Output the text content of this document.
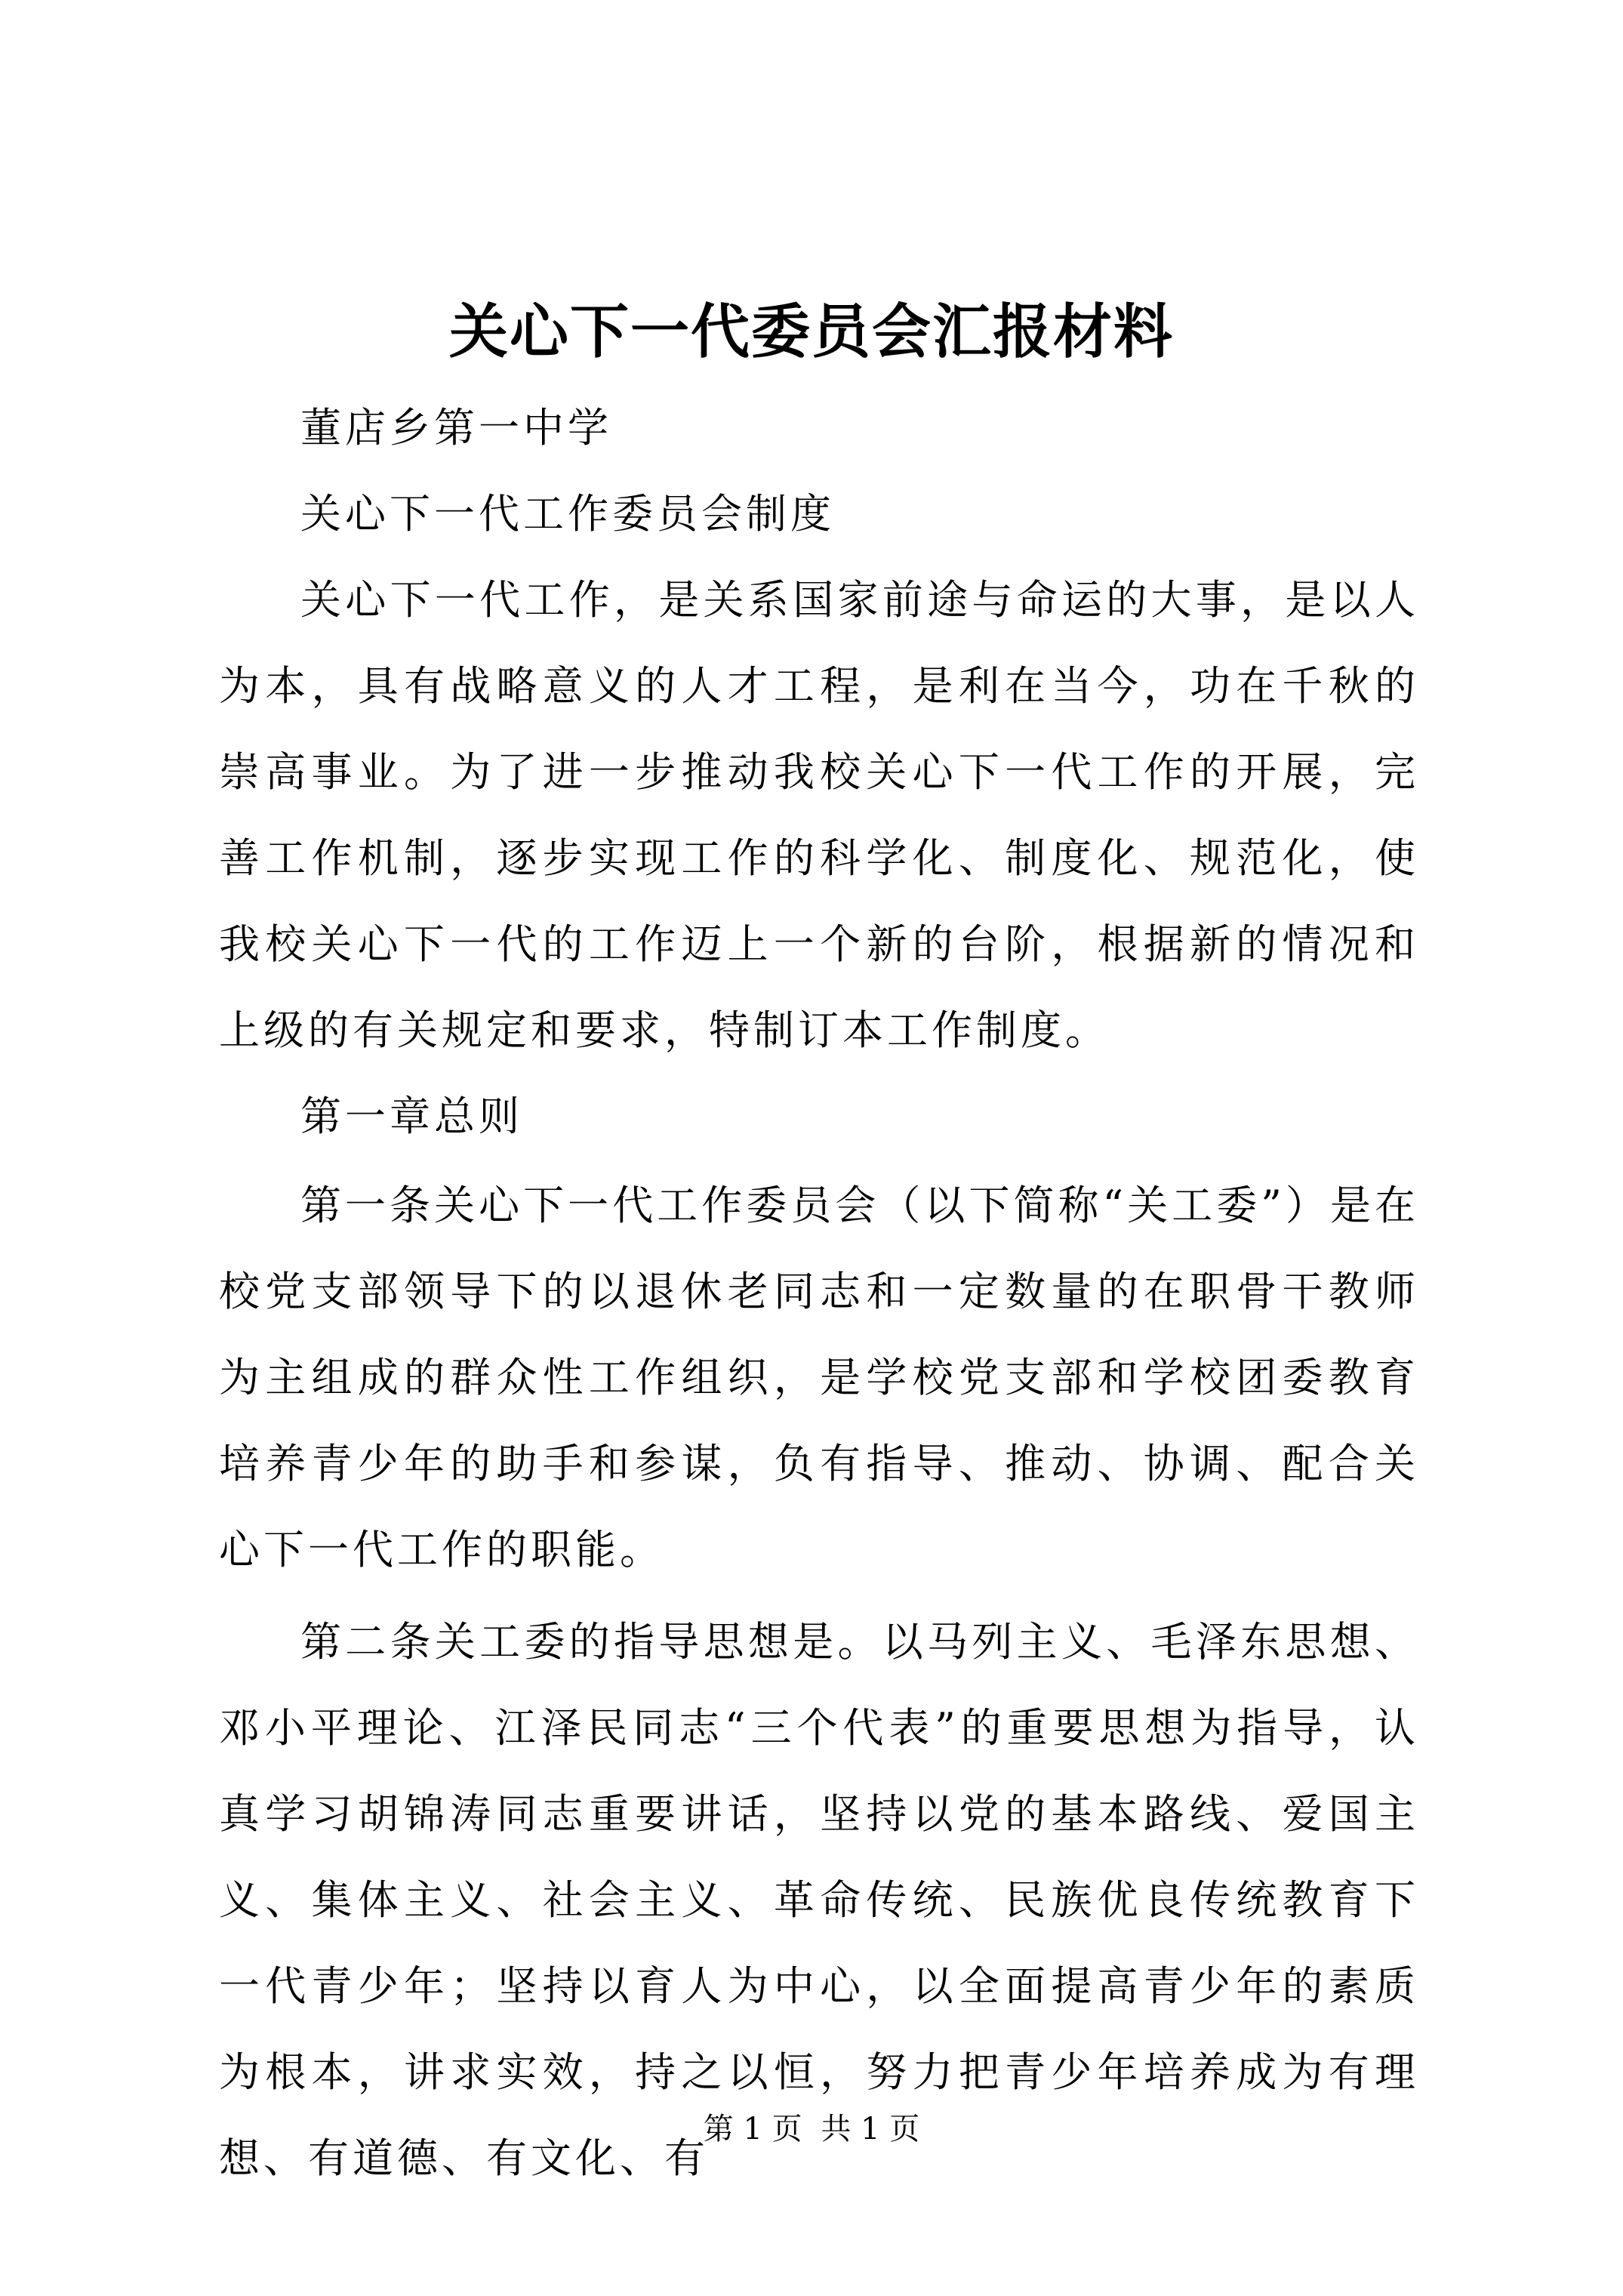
关心下一代委员会汇报材料

董店乡第一中学

关心下一代工作委员会制度

关心下一代工作，是关系国家前途与命运的大事，是以人为本，具有战略意义的人才工程，是利在当今，功在千秋的崇高事业。为了进一步推动我校关心下一代工作的开展，完善工作机制，逐步实现工作的科学化、制度化、规范化，使我校关心下一代的工作迈上一个新的台阶，根据新的情况和上级的有关规定和要求，特制订本工作制度。

第一章总则

第一条关心下一代工作委员会（以下简称“关工委”）是在校党支部领导下的以退休老同志和一定数量的在职骨干教师为主组成的群众性工作组织，是学校党支部和学校团委教育培养青少年的助手和参谋，负有指导、推动、协调、配合关心下一代工作的职能。

第二条关工委的指导思想是。以马列主义、毛泽东思想、邓小平理论、江泽民同志“三个代表”的重要思想为指导，认真学习胡锦涛同志重要讲话，坚持以党的基本路线、爱国主义、集体主义、社会主义、革命传统、民族优良传统教育下一代青少年；坚持以育人为中心，以全面提高青少年的素质为根本，讲求实效，持之以恒，努力把青少年培养成为有理想、有道德、有文化、有

第 1 页 共 1 页
